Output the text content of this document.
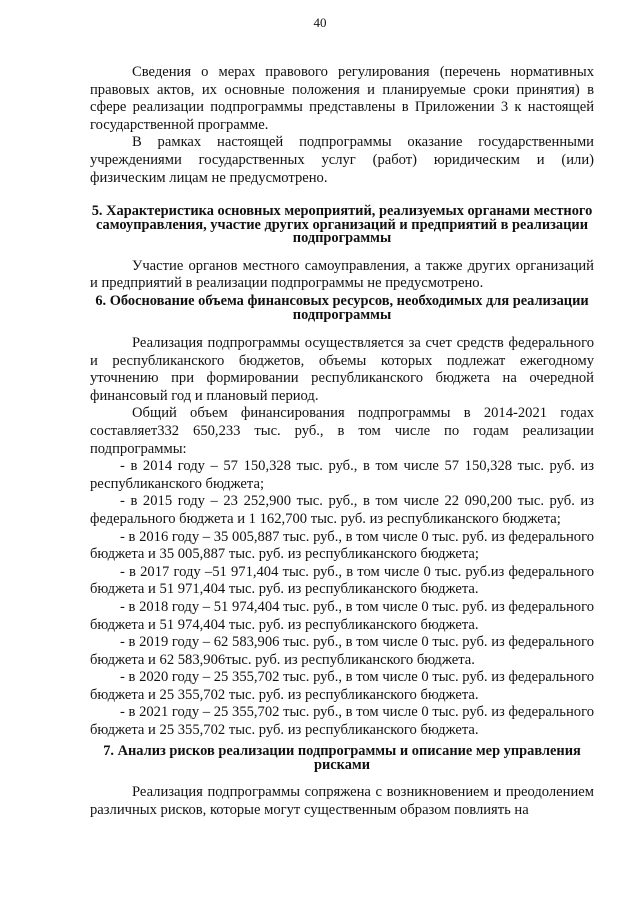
40

Сведения о мерах правового регулирования (перечень нормативных правовых актов, их основные положения и планируемые сроки принятия) в сфере реализации подпрограммы представлены в Приложении 3 к настоящей государственной программе.

В рамках настоящей подпрограммы оказание государственными учреждениями государственных услуг (работ) юридическим и (или) физическим лицам не предусмотрено.

5. Характеристика основных мероприятий, реализуемых органами местного самоуправления, участие других организаций и предприятий в реализации подпрограммы

Участие органов местного самоуправления, а также других организаций и предприятий в реализации подпрограммы не предусмотрено.

6. Обоснование объема финансовых ресурсов, необходимых для реализации подпрограммы

Реализация подпрограммы осуществляется за счет средств федерального и республиканского бюджетов, объемы которых подлежат ежегодному уточнению при формировании республиканского бюджета на очередной финансовый год и плановый период.

Общий объем финансирования подпрограммы в 2014-2021 годах составляет332 650,233 тыс. руб., в том числе по годам реализации подпрограммы:

- в 2014 году – 57 150,328 тыс. руб., в том числе 57 150,328 тыс. руб. из республиканского бюджета;

- в 2015 году – 23 252,900 тыс. руб., в том числе 22 090,200 тыс. руб. из федерального бюджета и 1 162,700 тыс. руб. из республиканского бюджета;

- в 2016 году – 35 005,887 тыс. руб., в том числе 0 тыс. руб. из федерального бюджета и 35 005,887 тыс. руб. из республиканского бюджета;

- в 2017 году –51 971,404 тыс. руб., в том числе 0 тыс. руб.из федерального бюджета и 51 971,404 тыс. руб. из республиканского бюджета.

- в 2018 году – 51 974,404 тыс. руб., в том числе 0 тыс. руб. из федерального бюджета и 51 974,404 тыс. руб. из республиканского бюджета.

- в 2019 году – 62 583,906 тыс. руб., в том числе 0 тыс. руб. из федерального бюджета и 62 583,906тыс. руб. из республиканского бюджета.

- в 2020 году – 25 355,702 тыс. руб., в том числе 0 тыс. руб. из федерального бюджета и 25 355,702 тыс. руб. из республиканского бюджета.

- в 2021 году – 25 355,702 тыс. руб., в том числе 0 тыс. руб. из федерального бюджета и 25 355,702 тыс. руб. из республиканского бюджета.

7. Анализ рисков реализации подпрограммы и описание мер управления рисками

Реализация подпрограммы сопряжена с возникновением и преодолением различных рисков, которые могут существенным образом повлиять на
